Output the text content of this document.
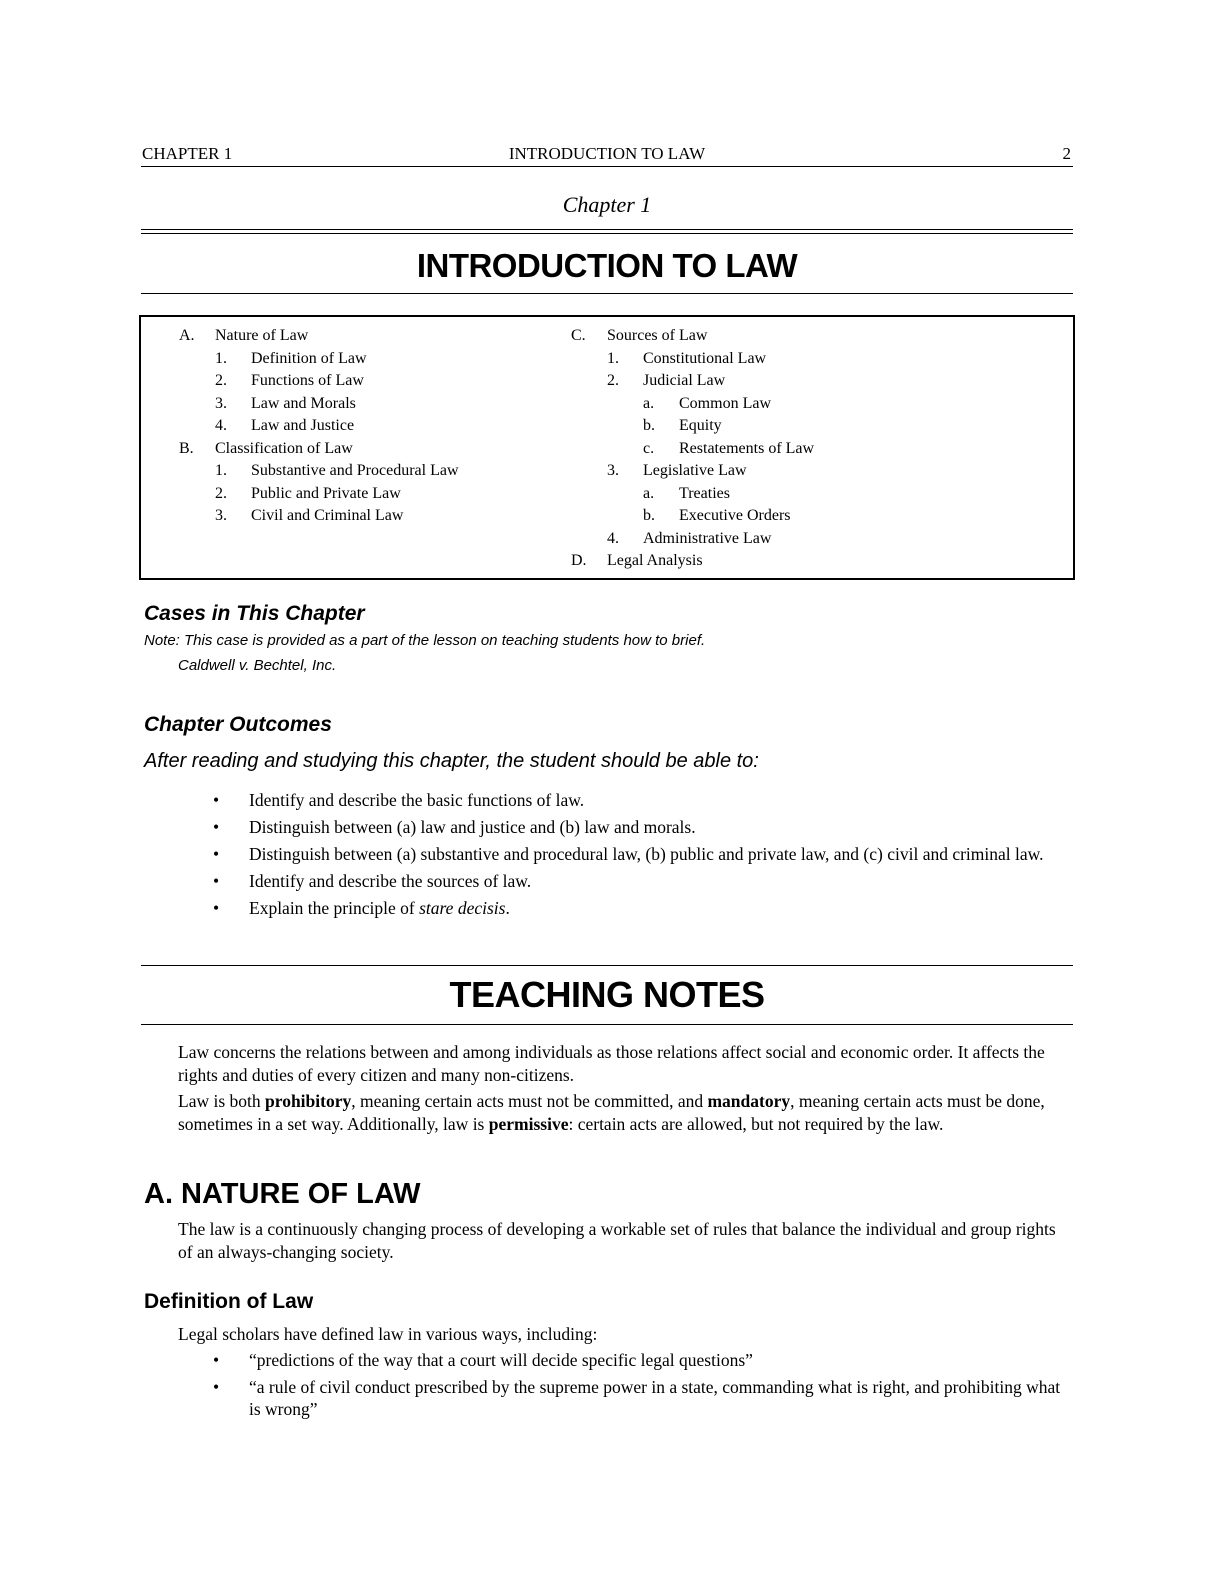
CHAPTER 1	INTRODUCTION TO LAW	2
Chapter 1
INTRODUCTION TO LAW
A. Nature of Law
1. Definition of Law
2. Functions of Law
3. Law and Morals
4. Law and Justice
B. Classification of Law
1. Substantive and Procedural Law
2. Public and Private Law
3. Civil and Criminal Law
C. Sources of Law
1. Constitutional Law
2. Judicial Law
a. Common Law
b. Equity
c. Restatements of Law
3. Legislative Law
a. Treaties
b. Executive Orders
4. Administrative Law
D. Legal Analysis
Cases in This Chapter
Note: This case is provided as a part of the lesson on teaching students how to brief.
Caldwell v. Bechtel, Inc.
Chapter Outcomes
After reading and studying this chapter, the student should be able to:
• Identify and describe the basic functions of law.
• Distinguish between (a) law and justice and (b) law and morals.
• Distinguish between (a) substantive and procedural law, (b) public and private law, and (c) civil and criminal law.
• Identify and describe the sources of law.
• Explain the principle of stare decisis.
TEACHING NOTES
Law concerns the relations between and among individuals as those relations affect social and economic order. It affects the rights and duties of every citizen and many non-citizens.
Law is both prohibitory, meaning certain acts must not be committed, and mandatory, meaning certain acts must be done, sometimes in a set way. Additionally, law is permissive: certain acts are allowed, but not required by the law.
A. NATURE OF LAW
The law is a continuously changing process of developing a workable set of rules that balance the individual and group rights of an always-changing society.
Definition of Law
Legal scholars have defined law in various ways, including:
• “predictions of the way that a court will decide specific legal questions”
• “a rule of civil conduct prescribed by the supreme power in a state, commanding what is right, and prohibiting what is wrong”
